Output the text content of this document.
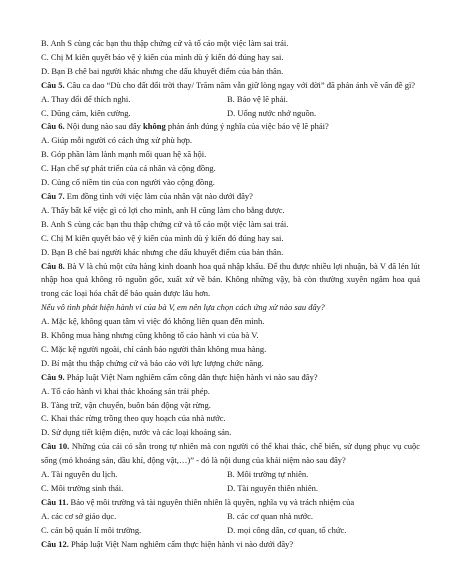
B. Anh S cùng các bạn thu thập chứng cứ và tố cáo một việc làm sai trái.
C. Chị M kiên quyết bảo vệ ý kiến của mình dù ý kiến đó đúng hay sai.
D. Bạn B chê bai người khác nhưng che dấu khuyết điểm của bản thân.
Câu 5. Câu ca dao “Dù cho đất đổi trời thay/ Trăm năm vẫn giữ lòng ngay với đời” đã phản ánh về vấn đề gì?
A. Thay đổi để thích nghi.	B. Bảo vệ lẽ phải.
C. Dũng cảm, kiên cường.	D. Uống nước nhớ nguồn.
Câu 6. Nội dung nào sau đây không phản ánh đúng ý nghĩa của việc bảo vệ lẽ phải?
A. Giúp mỗi người có cách ứng xử phù hợp.
B. Góp phần làm lành mạnh mối quan hệ xã hội.
C. Hạn chế sự phát triển của cá nhân và cộng đồng.
D. Củng cố niềm tin của con người vào cộng đồng.
Câu 7. Em đồng tình với việc làm của nhân vật nào dưới đây?
A. Thấy bất kể việc gì có lợi cho mình, anh H cũng làm cho bằng được.
B. Anh S cùng các bạn thu thập chứng cứ và tố cáo một việc làm sai trái.
C. Chị M kiên quyết bảo vệ ý kiến của mình dù ý kiến đó đúng hay sai.
D. Bạn B chê bai người khác nhưng che dấu khuyết điểm của bản thân.
Câu 8. Bà V là chủ một cửa hàng kinh doanh hoa quả nhập khẩu. Để thu được nhiều lợi nhuận, bà V đã lén lút nhập hoa quả không rõ nguồn gốc, xuất xứ về bán. Không những vậy, bà còn thường xuyên ngâm hoa quả trong các loại hóa chất để bảo quản được lâu hơn.
Nếu vô tình phát hiện hành vi của bà V, em nên lựa chọn cách ứng xử nào sau đây?
A. Mặc kệ, không quan tâm vì việc đó không liên quan đến mình.
B. Không mua hàng nhưng cũng không tố cáo hành vi của bà V.
C. Mặc kệ người ngoài, chỉ cảnh báo người thân không mua hàng.
D. Bí mật thu thập chứng cứ và báo cáo với lực lượng chức năng.
Câu 9. Pháp luật Việt Nam nghiêm cấm công dân thực hiện hành vi nào sau đây?
A. Tố cáo hành vi khai thác khoáng sản trái phép.
B. Tàng trữ, vận chuyển, buôn bán động vật rừng.
C. Khai thác rừng trồng theo quy hoạch của nhà nước.
D. Sử dụng tiết kiệm điện, nước và các loại khoáng sản.
Câu 10. Những của cải có sẵn trong tự nhiên mà con người có thể khai thác, chế biến, sử dụng phục vụ cuộc sống (mỏ khoáng sản, dầu khí, động vật,…)” - đó là nội dung của khái niệm nào sau đây?
A. Tài nguyên du lịch.	B. Môi trường tự nhiên.
C. Môi trường sinh thái.	D. Tài nguyên thiên nhiên.
Câu 11. Bảo vệ môi trường và tài nguyên thiên nhiên là quyền, nghĩa vụ và trách nhiệm của
A. các cơ sở giáo dục.	B. các cơ quan nhà nước.
C. cán bộ quản lí môi trường.	D. mọi công dân, cơ quan, tổ chức.
Câu 12. Pháp luật Việt Nam nghiêm cấm thực hiện hành vi nào dưới đây?
